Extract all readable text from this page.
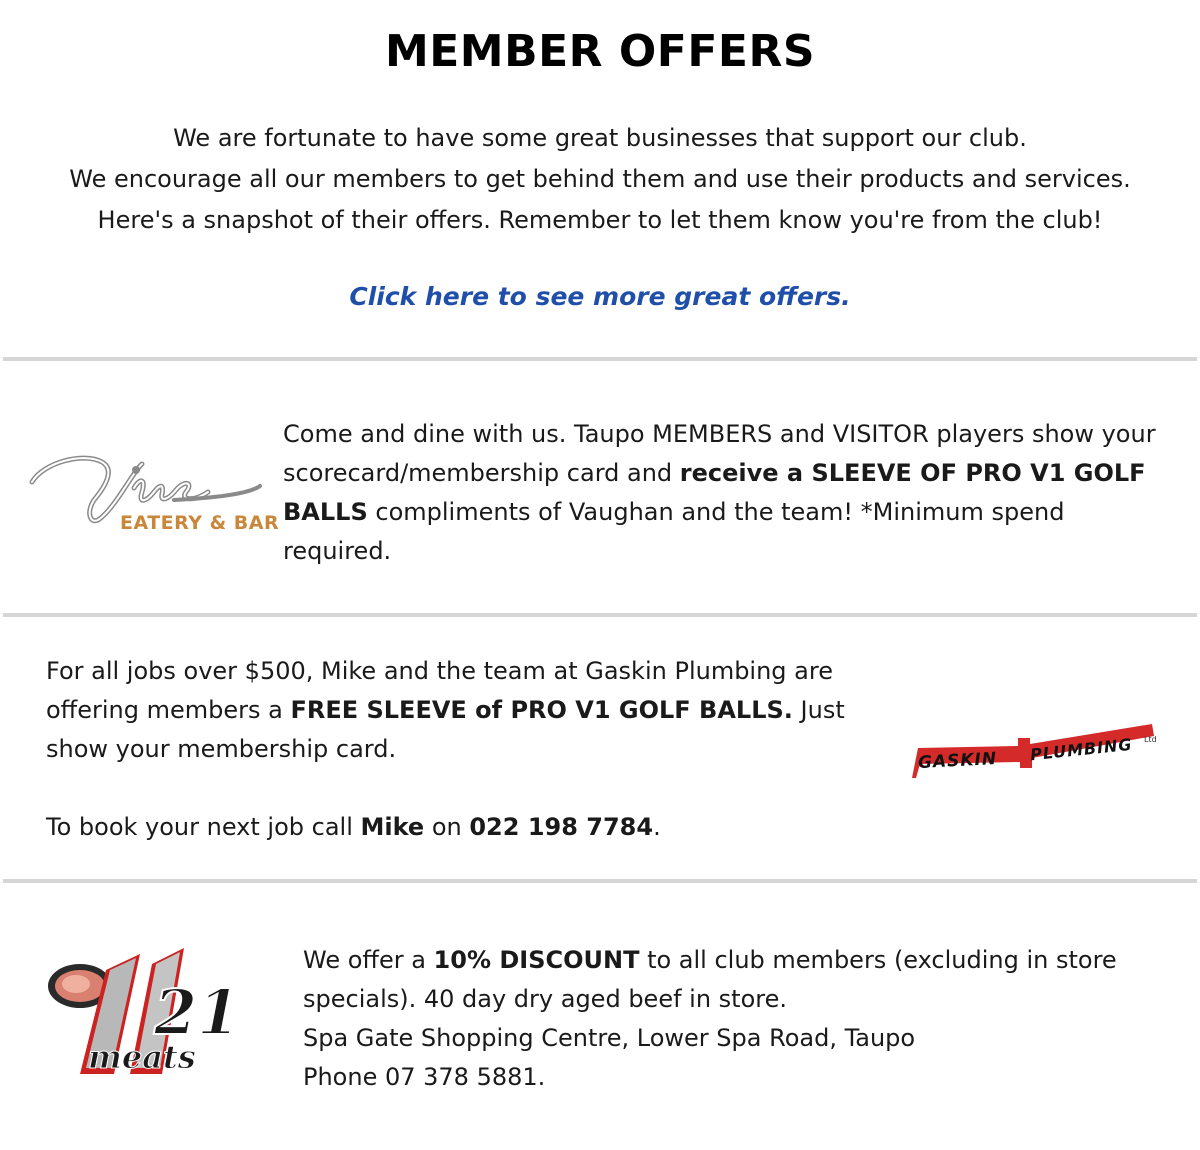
MEMBER OFFERS

We are fortunate to have some great businesses that support our club.

We encourage all our members to get behind them and use their products and services.

Here's a snapshot of their offers. Remember to let them know you're from the club!

Click here to see more great offers.
EATERY & BAR

Come and dine with us. Taupo MEMBERS and VISITOR players show your scorecard/membership card and receive a SLEEVE OF PRO V1 GOLF BALLS compliments of Vaughan and the team! *Minimum spend required.

For all jobs over $500, Mike and the team at Gaskin Plumbing are offering members a FREE SLEEVE of PRO V1 GOLF BALLS. Just show your membership card.

To book your next job call Mike on 022 198 7784.

GASKIN PLUMBING Ltd
21
meats

We offer a 10% DISCOUNT to all club members (excluding in store specials). 40 day dry aged beef in store.

Spa Gate Shopping Centre, Lower Spa Road, Taupo

Phone 07 378 5881.
